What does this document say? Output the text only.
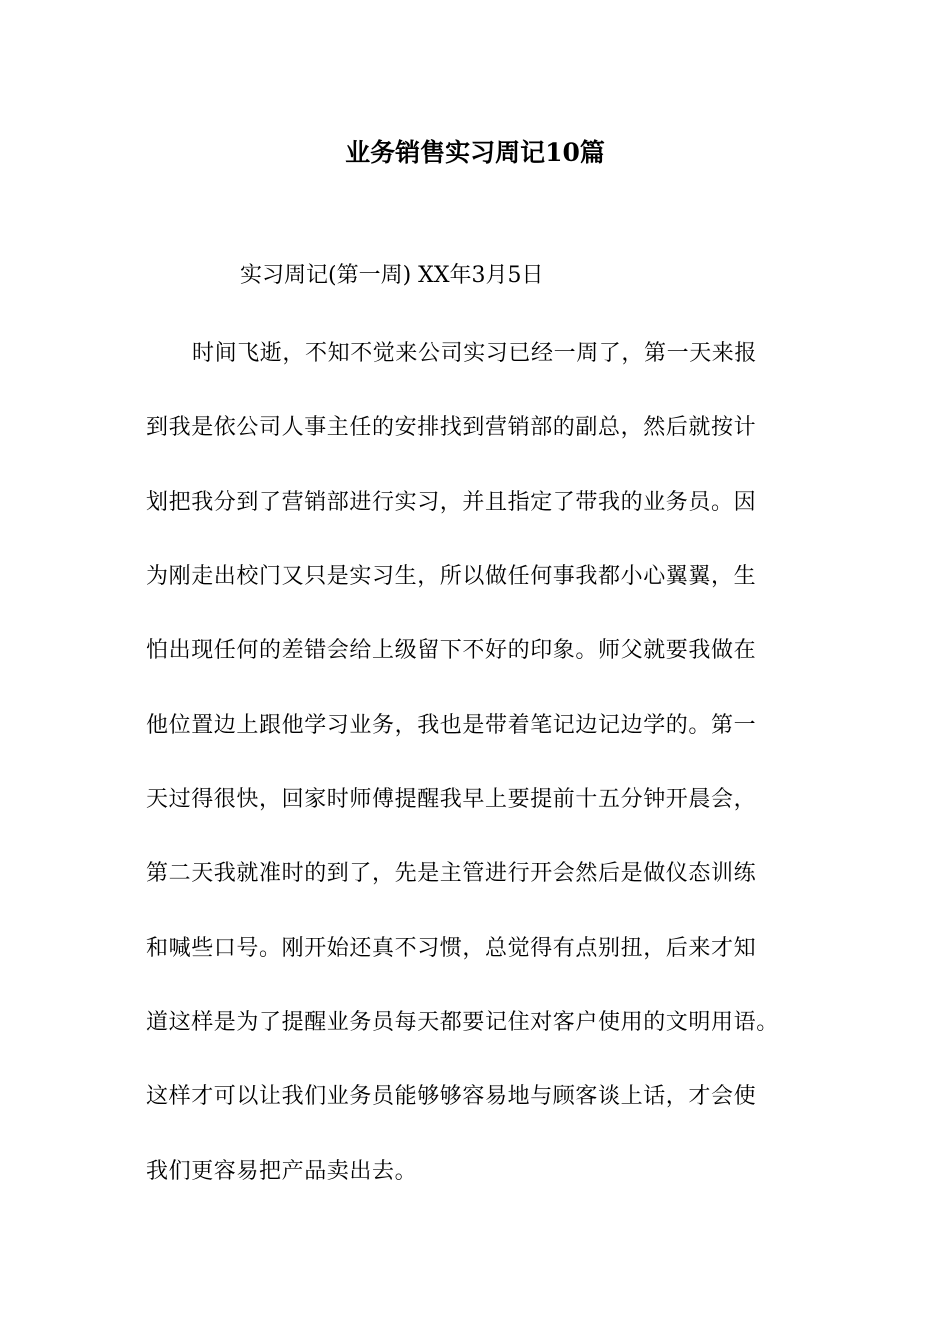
业务销售实习周记10篇
实习周记(第一周) XX年3月5日
时间飞逝，不知不觉来公司实习已经一周了，第一天来报
到我是依公司人事主任的安排找到营销部的副总，然后就按计
划把我分到了营销部进行实习，并且指定了带我的业务员。因
为刚走出校门又只是实习生，所以做任何事我都小心翼翼，生
怕出现任何的差错会给上级留下不好的印象。师父就要我做在
他位置边上跟他学习业务，我也是带着笔记边记边学的。第一
天过得很快，回家时师傅提醒我早上要提前十五分钟开晨会，
第二天我就准时的到了，先是主管进行开会然后是做仪态训练
和喊些口号。刚开始还真不习惯，总觉得有点别扭，后来才知
道这样是为了提醒业务员每天都要记住对客户使用的文明用语。
这样才可以让我们业务员能够够容易地与顾客谈上话，才会使
我们更容易把产品卖出去。
